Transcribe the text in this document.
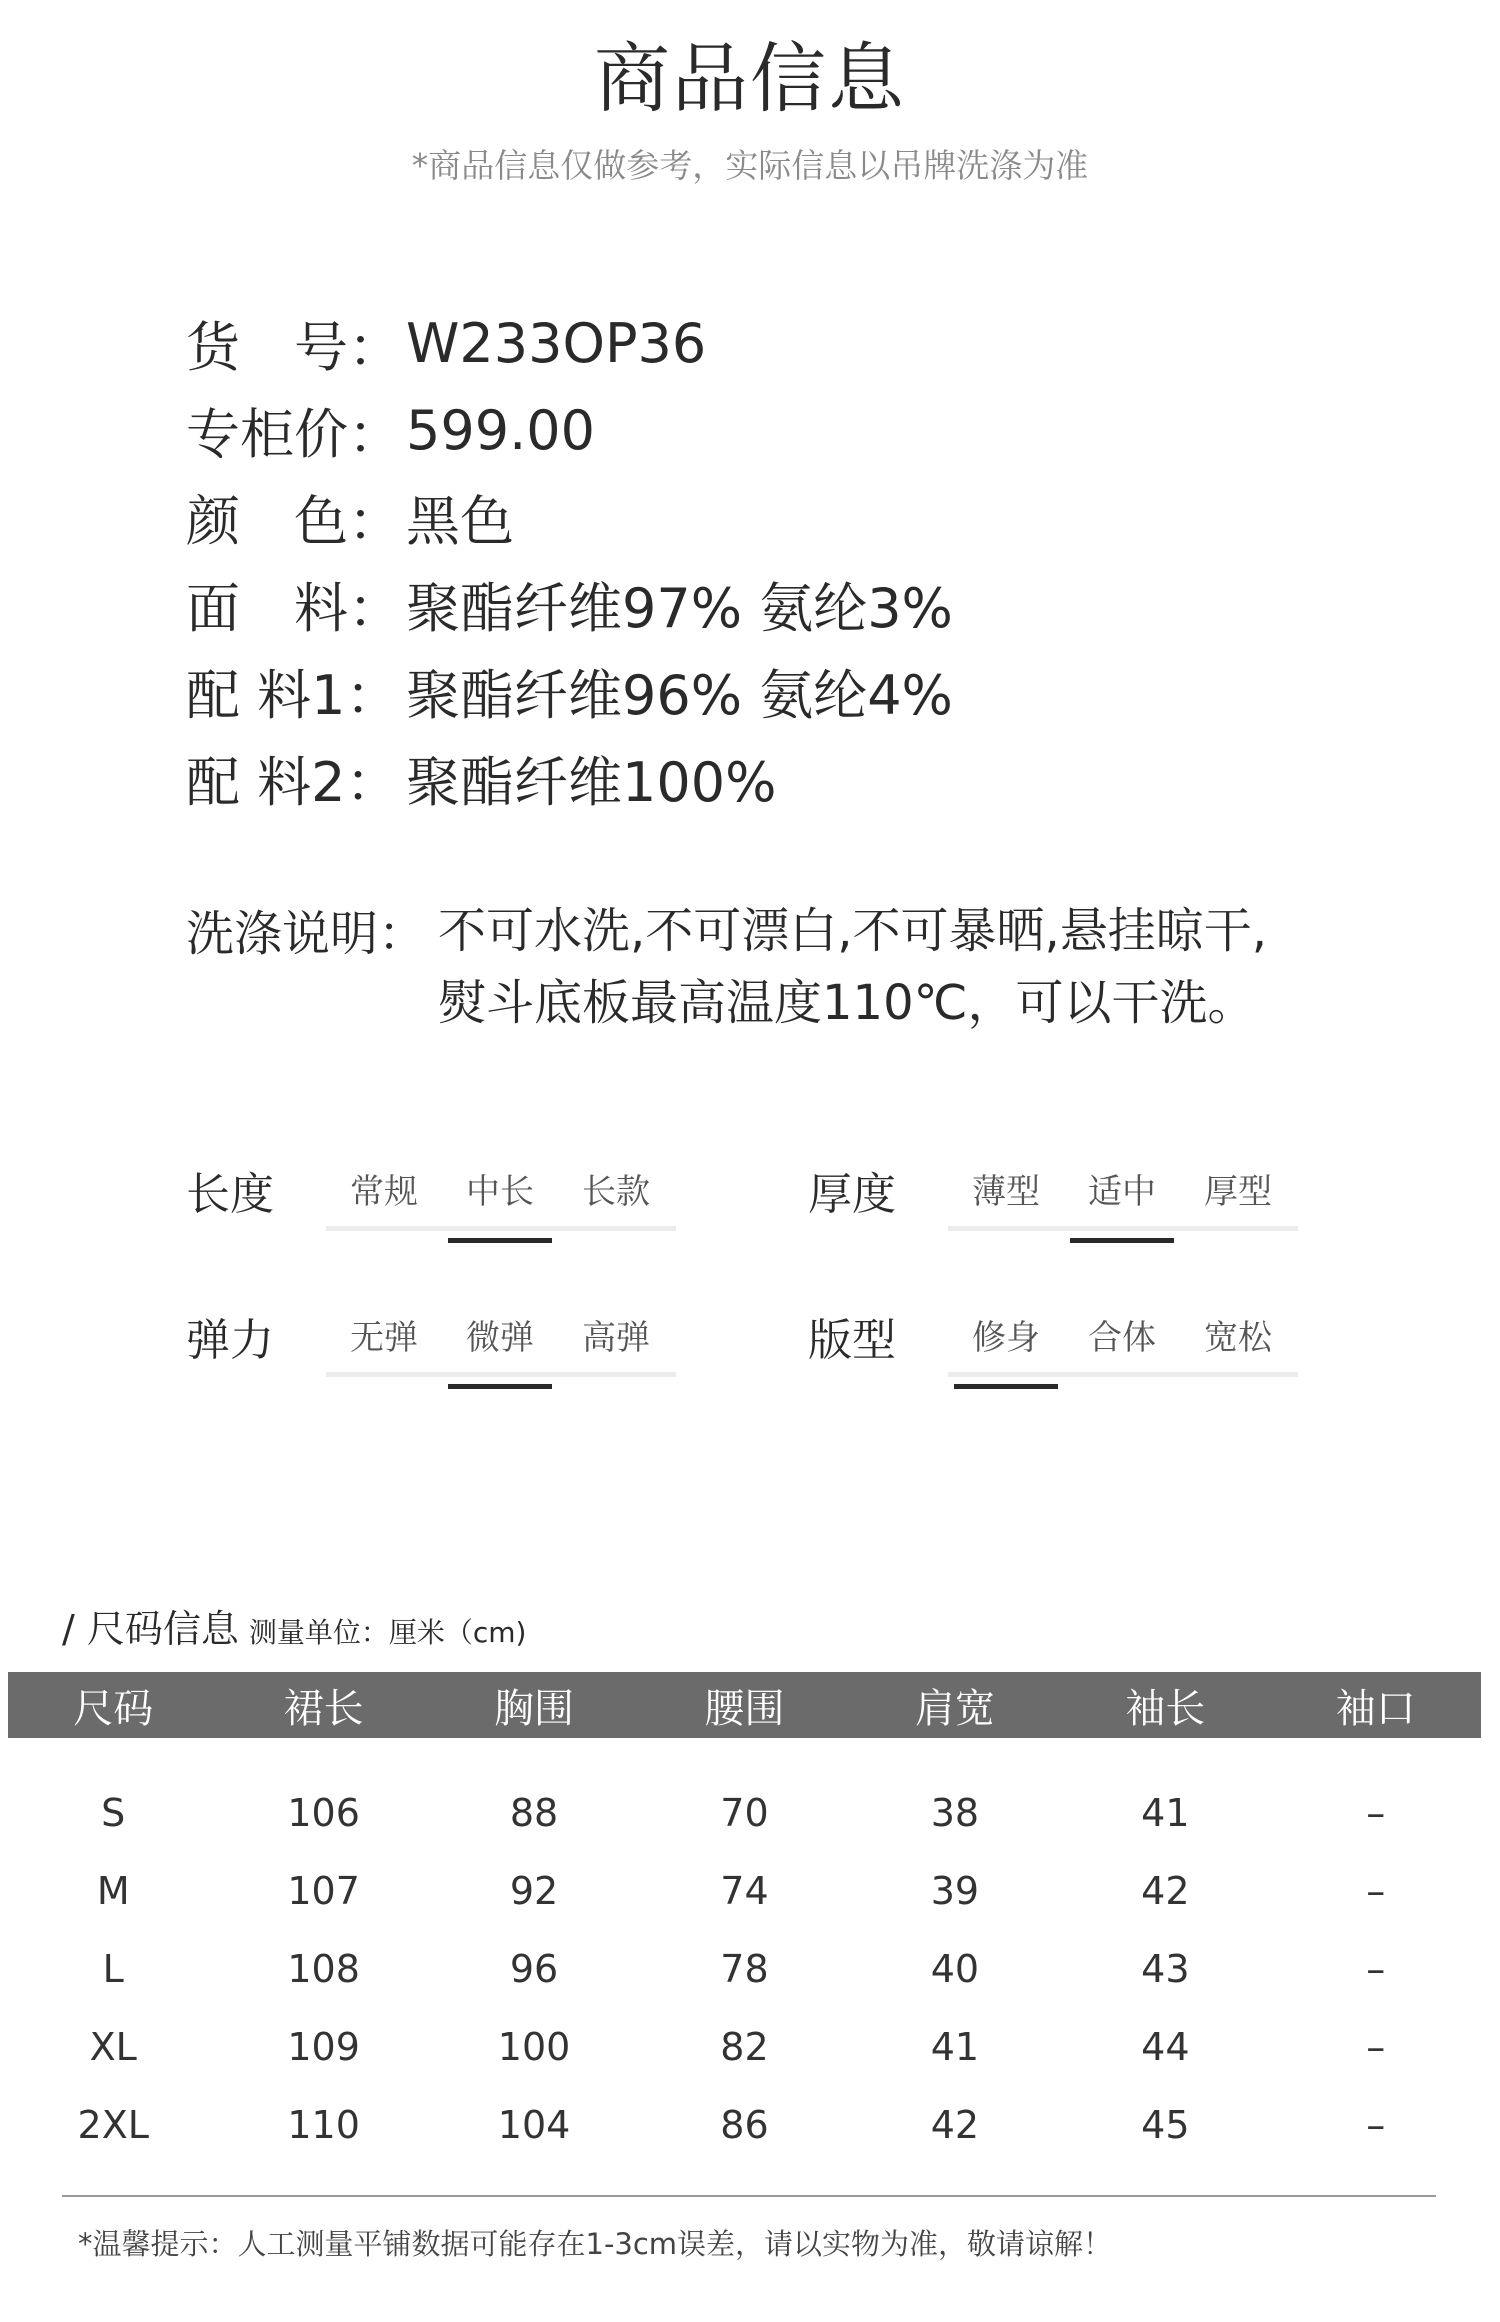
商品信息
*商品信息仅做参考，实际信息以吊牌洗涤为准
货　号： W233OP36
专柜价： 599.00
颜　色： 黑色
面　料： 聚酯纤维97% 氨纶3%
配 料1： 聚酯纤维96% 氨纶4%
配 料2： 聚酯纤维100%
洗涤说明： 不可水洗,不可漂白,不可暴晒,悬挂晾干,
熨斗底板最高温度110℃，可以干洗。
长度	常规	中长	长款	厚度	薄型	适中	厚型
弹力	无弹	微弹	高弹	版型	修身	合体	宽松
/ 尺码信息 测量单位：厘米（cm)
尺码	裙长	胸围	腰围	肩宽	袖长	袖口

S	106	88	70	38	41	–
M	107	92	74	39	42	–
L	108	96	78	40	43	–
XL	109	100	82	41	44	–
2XL	110	104	86	42	45	–
*温馨提示：人工测量平铺数据可能存在1-3cm误差，请以实物为准，敬请谅解！
